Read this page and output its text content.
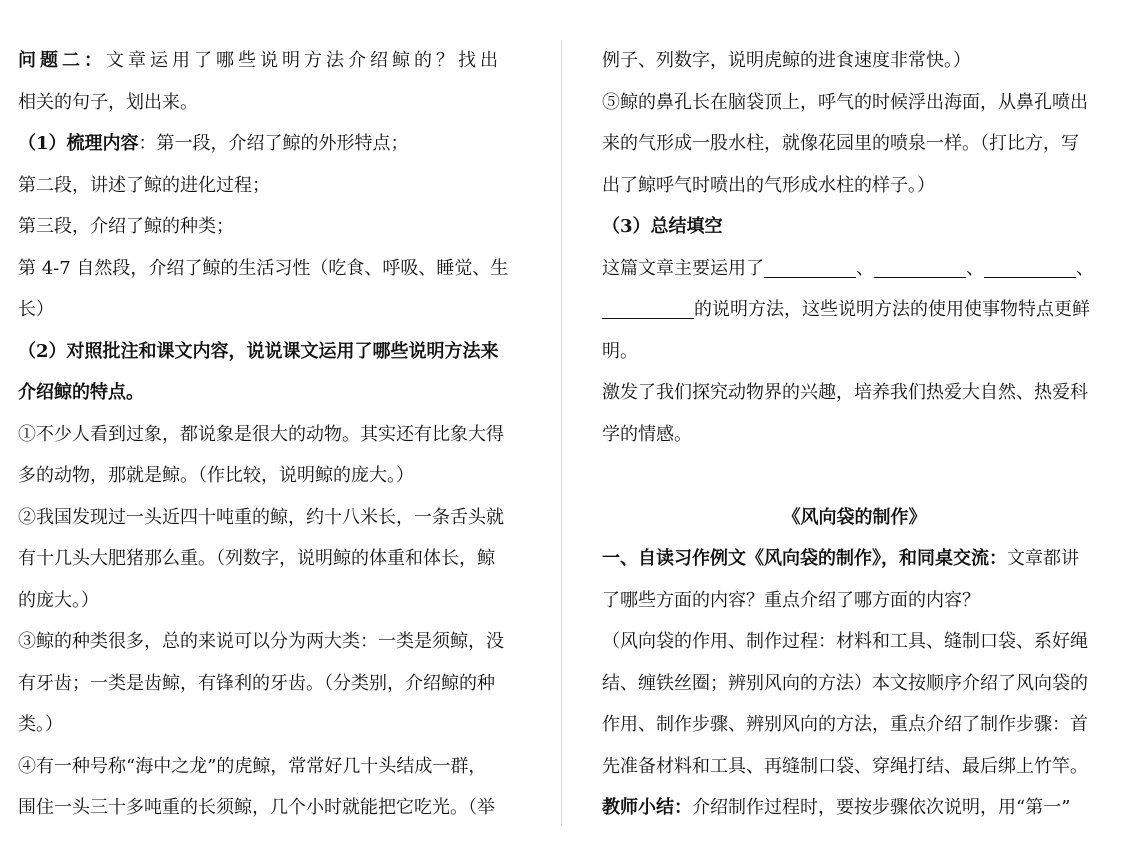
问题二：文章运用了哪些说明方法介绍鲸的？找出

相关的句子，划出来。

（1）梳理内容：第一段，介绍了鲸的外形特点；

第二段，讲述了鲸的进化过程；

第三段，介绍了鲸的种类；

第 4-7 自然段，介绍了鲸的生活习性（吃食、呼吸、睡觉、生

长）

（2）对照批注和课文内容，说说课文运用了哪些说明方法来

介绍鲸的特点。

①不少人看到过象，都说象是很大的动物。其实还有比象大得

多的动物，那就是鲸。（作比较，说明鲸的庞大。）

②我国发现过一头近四十吨重的鲸，约十八米长，一条舌头就

有十几头大肥猪那么重。（列数字，说明鲸的体重和体长，鲸

的庞大。）

③鲸的种类很多，总的来说可以分为两大类：一类是须鲸，没

有牙齿；一类是齿鲸，有锋利的牙齿。（分类别，介绍鲸的种

类。）

④有一种号称“海中之龙”的虎鲸，常常好几十头结成一群，

围住一头三十多吨重的长须鲸，几个小时就能把它吃光。（举

例子、列数字，说明虎鲸的进食速度非常快。）

⑤鲸的鼻孔长在脑袋顶上，呼气的时候浮出海面，从鼻孔喷出

来的气形成一股水柱，就像花园里的喷泉一样。（打比方，写

出了鲸呼气时喷出的气形成水柱的样子。）

（3）总结填空

这篇文章主要运用了	、	、	、

的说明方法，这些说明方法的使用使事物特点更鲜

明。

激发了我们探究动物界的兴趣，培养我们热爱大自然、热爱科

学的情感。

《风向袋的制作》

一、自读习作例文《风向袋的制作》，和同桌交流：文章都讲

了哪些方面的内容？重点介绍了哪方面的内容？

（风向袋的作用、制作过程：材料和工具、缝制口袋、系好绳

结、缠铁丝圈；辨别风向的方法）本文按顺序介绍了风向袋的

作用、制作步骤、辨别风向的方法，重点介绍了制作步骤：首

先准备材料和工具、再缝制口袋、穿绳打结、最后绑上竹竿。

教师小结：介绍制作过程时，要按步骤依次说明，用“第一”
